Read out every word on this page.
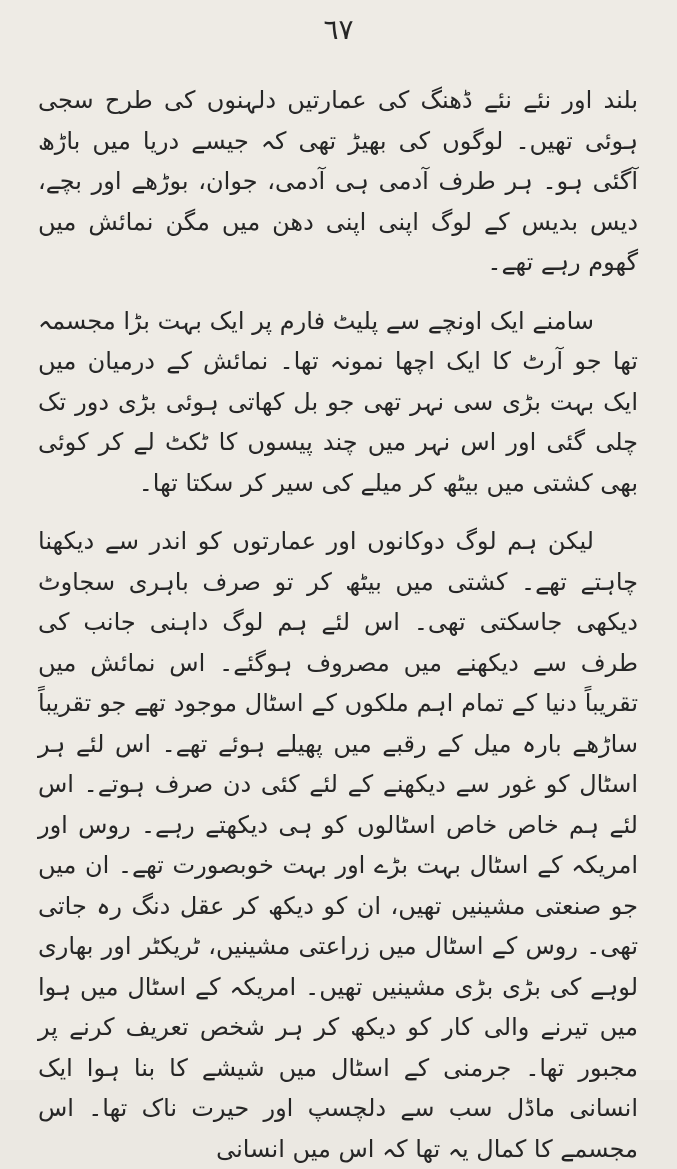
٦٧

بلند اور نئے نئے ڈھنگ کی عمارتیں دلہنوں کی طرح سجی ہوئی تھیں۔ لوگوں کی بھیڑ تھی کہ جیسے دریا میں باڑھ آگئی ہو۔ ہر طرف آدمی ہی آدمی، جوان، بوڑھے اور بچے، دیس بدیس کے لوگ اپنی اپنی دھن میں مگن نمائش میں گھوم رہے تھے۔

سامنے ایک اونچے سے پلیٹ فارم پر ایک بہت بڑا مجسمہ تھا جو آرٹ کا ایک اچھا نمونہ تھا۔ نمائش کے درمیان میں ایک بہت بڑی سی نہر تھی جو بل کھاتی ہوئی بڑی دور تک چلی گئی اور اس نہر میں چند پیسوں کا ٹکٹ لے کر کوئی بھی کشتی میں بیٹھ کر میلے کی سیر کر سکتا تھا۔

لیکن ہم لوگ دوکانوں اور عمارتوں کو اندر سے دیکھنا چاہتے تھے۔ کشتی میں بیٹھ کر تو صرف باہری سجاوٹ دیکھی جاسکتی تھی۔ اس لئے ہم لوگ داہنی جانب کی طرف سے دیکھنے میں مصروف ہوگئے۔ اس نمائش میں تقریباً دنیا کے تمام اہم ملکوں کے اسٹال موجود تھے جو تقریباً ساڑھے بارہ میل کے رقبے میں پھیلے ہوئے تھے۔ اس لئے ہر اسٹال کو غور سے دیکھنے کے لئے کئی دن صرف ہوتے۔ اس لئے ہم خاص خاص اسٹالوں کو ہی دیکھتے رہے۔ روس اور امریکہ کے اسٹال بہت بڑے اور بہت خوبصورت تھے۔ ان میں جو صنعتی مشینیں تھیں، ان کو دیکھ کر عقل دنگ رہ جاتی تھی۔ روس کے اسٹال میں زراعتی مشینیں، ٹریکٹر اور بھاری لوہے کی بڑی بڑی مشینیں تھیں۔ امریکہ کے اسٹال میں ہوا میں تیرنے والی کار کو دیکھ کر ہر شخص تعریف کرنے پر مجبور تھا۔ جرمنی کے اسٹال میں شیشے کا بنا ہوا ایک انسانی ماڈل سب سے دلچسپ اور حیرت ناک تھا۔ اس مجسمے کا کمال یہ تھا کہ اس میں انسانی
